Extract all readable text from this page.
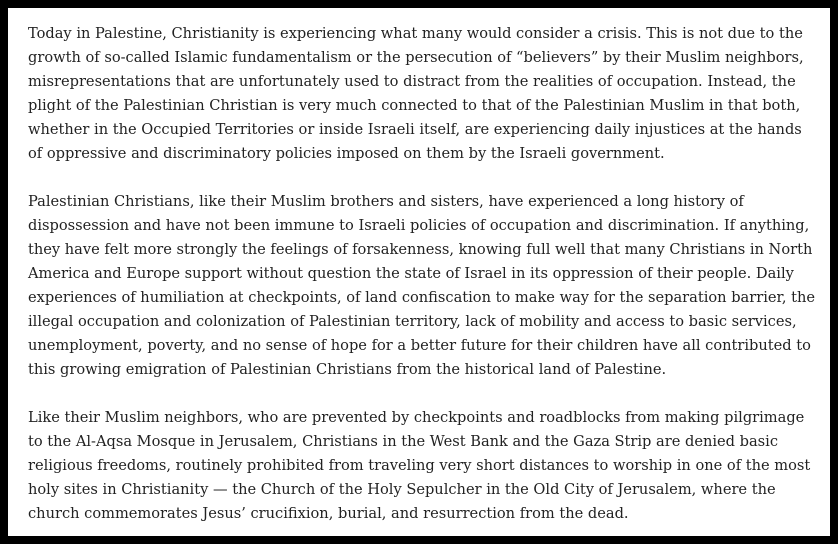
Today in Palestine, Christianity is experiencing what many would consider a crisis. This is not due to the growth of so-called Islamic fundamentalism or the persecution of “believers” by their Muslim neighbors, misrepresentations that are unfortunately used to distract from the realities of occupation. Instead, the plight of the Palestinian Christian is very much connected to that of the Palestinian Muslim in that both, whether in the Occupied Territories or inside Israeli itself, are experiencing daily injustices at the hands of oppressive and discriminatory policies imposed on them by the Israeli government.

Palestinian Christians, like their Muslim brothers and sisters, have experienced a long history of dispossession and have not been immune to Israeli policies of occupation and discrimination. If anything, they have felt more strongly the feelings of forsakenness, knowing full well that many Christians in North America and Europe support without question the state of Israel in its oppression of their people. Daily experiences of humiliation at checkpoints, of land confiscation to make way for the separation barrier, the illegal occupation and colonization of Palestinian territory, lack of mobility and access to basic services, unemployment, poverty, and no sense of hope for a better future for their children have all contributed to this growing emigration of Palestinian Christians from the historical land of Palestine.

Like their Muslim neighbors, who are prevented by checkpoints and roadblocks from making pilgrimage to the Al-Aqsa Mosque in Jerusalem, Christians in the West Bank and the Gaza Strip are denied basic religious freedoms, routinely prohibited from traveling very short distances to worship in one of the most holy sites in Christianity — the Church of the Holy Sepulcher in the Old City of Jerusalem, where the church commemorates Jesus’ crucifixion, burial, and resurrection from the dead.
